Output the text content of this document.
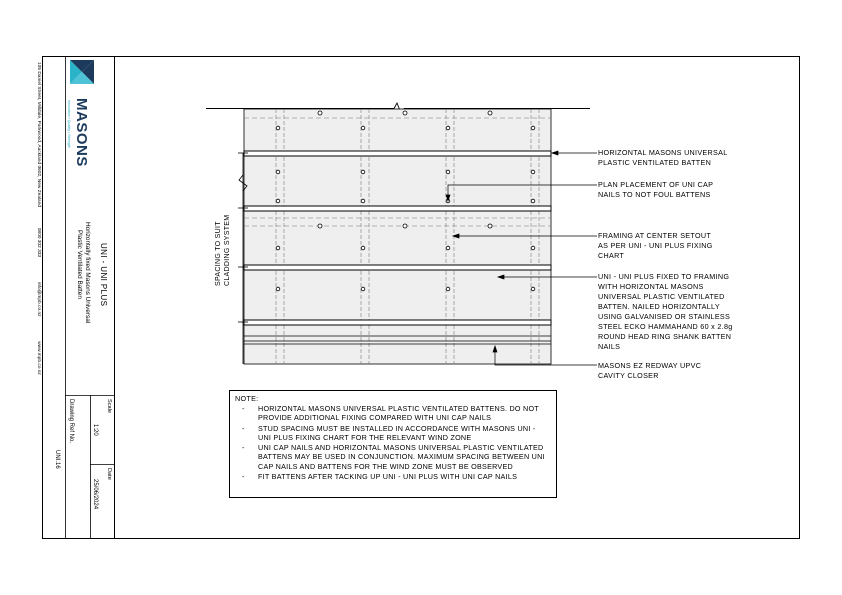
105 Daniel Street, Milldale, Parkwood, Auckland 0602, New Zealand  0800 302 333  info@mpb.co.nz  www.mpb.co.nz
MASONS
Innovation • Quality • Strength
UNI - UNI PLUS
Horizontally fixed Masons Universal
Plastic Ventilated Batten
Scale
1:20
Date
25/06/2024
Drawing Ref No.
UNI.16
SPACING TO SUIT CLADDING SYSTEM
HORIZONTAL MASONS UNIVERSAL
PLASTIC VENTILATED BATTEN
PLAN PLACEMENT OF UNI CAP
NAILS TO NOT FOUL BATTENS
FRAMING AT CENTER SETOUT
AS PER UNI - UNI PLUS FIXING
CHART
UNI - UNI PLUS FIXED TO FRAMING
WITH HORIZONTAL MASONS
UNIVERSAL PLASTIC VENTILATED
BATTEN. NAILED HORIZONTALLY
USING GALVANISED OR STAINLESS
STEEL ECKO HAMMAHAND 60 x 2.8g
ROUND HEAD RING SHANK BATTEN
NAILS
MASONS EZ REDWAY UPVC
CAVITY CLOSER
NOTE:
- HORIZONTAL MASONS UNIVERSAL PLASTIC VENTILATED BATTENS. DO NOT PROVIDE ADDITIONAL FIXING COMPARED WITH UNI CAP NAILS
- STUD SPACING MUST BE INSTALLED IN ACCORDANCE WITH MASONS UNI - UNI PLUS FIXING CHART FOR THE RELEVANT WIND ZONE
- UNI CAP NAILS AND HORIZONTAL MASONS UNIVERSAL PLASTIC VENTILATED BATTENS MAY BE USED IN CONJUNCTION. MAXIMUM SPACING BETWEEN UNI CAP NAILS AND BATTENS FOR THE WIND ZONE MUST BE OBSERVED
- FIT BATTENS AFTER TACKING UP UNI - UNI PLUS WITH UNI CAP NAILS
